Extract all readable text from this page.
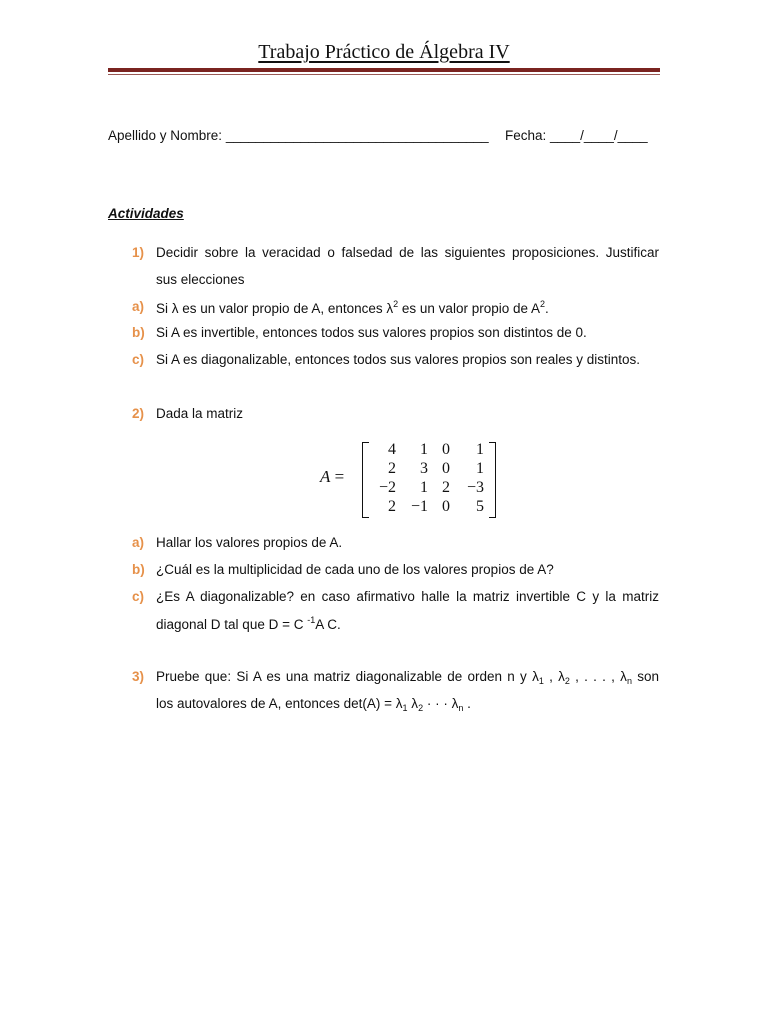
Trabajo Práctico de Álgebra IV
Apellido y Nombre: ___________________________________ Fecha: ____/____/____
Actividades
1) Decidir sobre la veracidad o falsedad de las siguientes proposiciones. Justificar
sus elecciones
a) Si λ es un valor propio de A, entonces $\lambda^2$ es un valor propio de $A^2$.
b) Si A es invertible, entonces todos sus valores propios son distintos de 0.
c) Si A es diagonalizable, entonces todos sus valores propios son reales y distintos.
2) Dada la matriz
A =
4	1	0	1
2	3	0	1
−2	1	2	−3
2	−1	0	5
a) Hallar los valores propios de A.
b) ¿Cuál es la multiplicidad de cada uno de los valores propios de A?
c) ¿Es A diagonalizable? en caso afirmativo halle la matriz invertible C y la matriz
diagonal D tal que D = C $^{-1}$A C.
3) Pruebe que: Si A es una matriz diagonalizable de orden n y $\lambda_1$ , $\lambda_2$ , . . . , $\lambda_n$ son
los autovalores de A, entonces $\det(A) = \lambda_1$ $\lambda_2$ · · · $\lambda_n$ .
